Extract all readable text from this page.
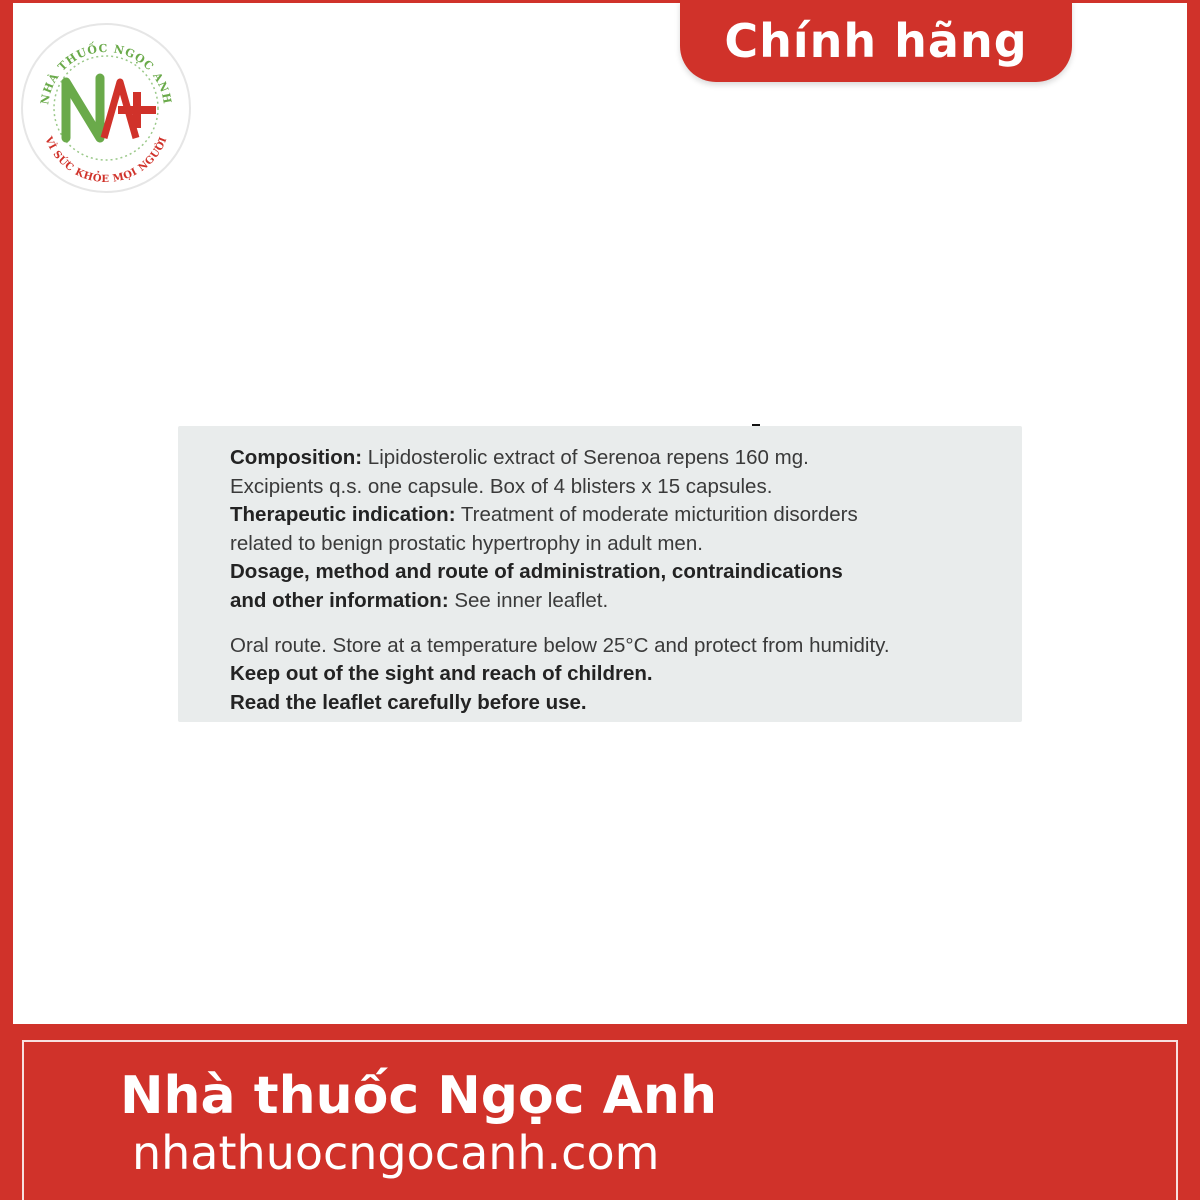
NHÀ THUỐC NGỌC ANH
VÌ SỨC KHỎE MỌI NGƯỜI
Chính hãng
Composition: Lipidosterolic extract of Serenoa repens 160 mg.
Excipients q.s. one capsule. Box of 4 blisters x 15 capsules.
Therapeutic indication: Treatment of moderate micturition disorders
related to benign prostatic hypertrophy in adult men.
Dosage, method and route of administration, contraindications
and other information: See inner leaflet.
Oral route. Store at a temperature below 25°C and protect from humidity.
Keep out of the sight and reach of children.
Read the leaflet carefully before use.
Nhà thuốc Ngọc Anh
nhathuocngocanh.com
